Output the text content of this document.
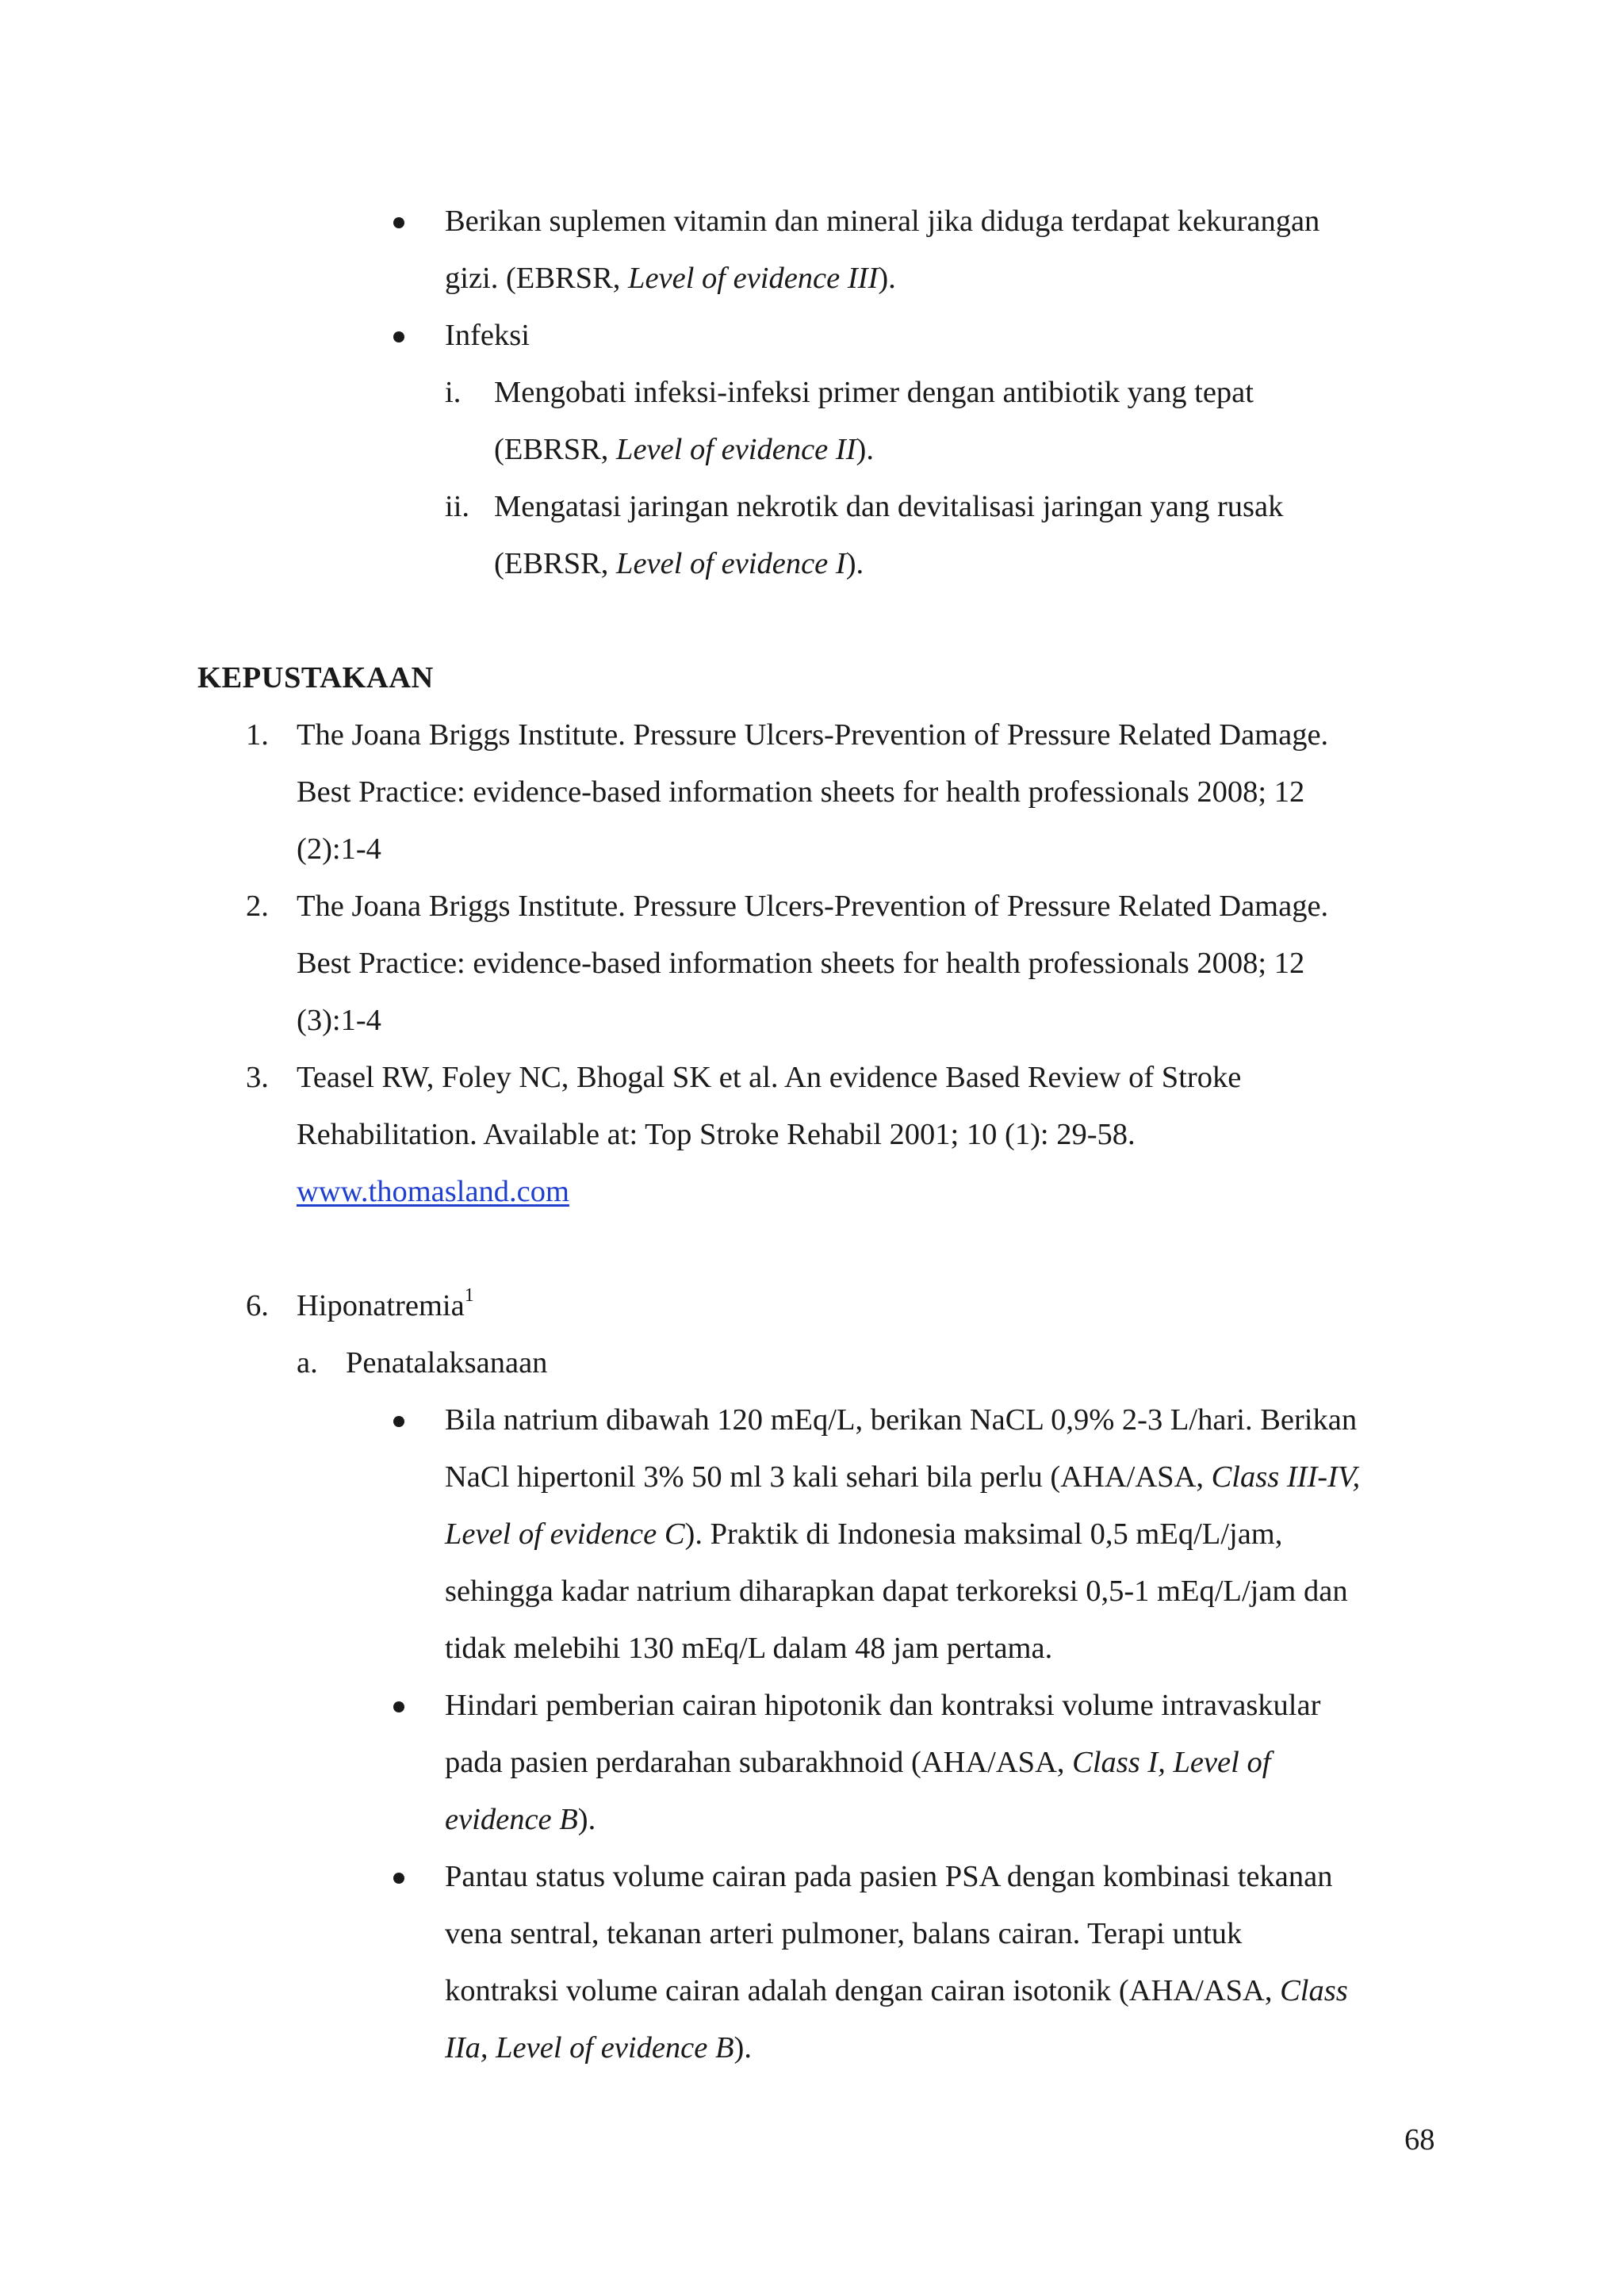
Berikan suplemen vitamin dan mineral jika diduga terdapat kekurangan
gizi. (EBRSR, Level of evidence III).
Infeksi
i. Mengobati infeksi-infeksi primer dengan antibiotik yang tepat
(EBRSR, Level of evidence II).
ii. Mengatasi jaringan nekrotik dan devitalisasi jaringan yang rusak
(EBRSR, Level of evidence I).
KEPUSTAKAAN
1. The Joana Briggs Institute. Pressure Ulcers-Prevention of Pressure Related Damage.
Best Practice: evidence-based information sheets for health professionals 2008; 12
(2):1-4
2. The Joana Briggs Institute. Pressure Ulcers-Prevention of Pressure Related Damage.
Best Practice: evidence-based information sheets for health professionals 2008; 12
(3):1-4
3. Teasel RW, Foley NC, Bhogal SK et al. An evidence Based Review of Stroke
Rehabilitation. Available at: Top Stroke Rehabil 2001; 10 (1): 29-58.
www.thomasland.com
6. Hiponatremia$^1$
a. Penatalaksanaan
Bila natrium dibawah 120 mEq/L, berikan NaCL 0,9% 2-3 L/hari. Berikan
NaCl hipertonil 3% 50 ml 3 kali sehari bila perlu (AHA/ASA, Class III-IV,
Level of evidence C). Praktik di Indonesia maksimal 0,5 mEq/L/jam,
sehingga kadar natrium diharapkan dapat terkoreksi 0,5-1 mEq/L/jam dan
tidak melebihi 130 mEq/L dalam 48 jam pertama.
Hindari pemberian cairan hipotonik dan kontraksi volume intravaskular
pada pasien perdarahan subarakhnoid (AHA/ASA, Class I, Level of
evidence B).
Pantau status volume cairan pada pasien PSA dengan kombinasi tekanan
vena sentral, tekanan arteri pulmoner, balans cairan. Terapi untuk
kontraksi volume cairan adalah dengan cairan isotonik (AHA/ASA, Class
IIa, Level of evidence B).
68
